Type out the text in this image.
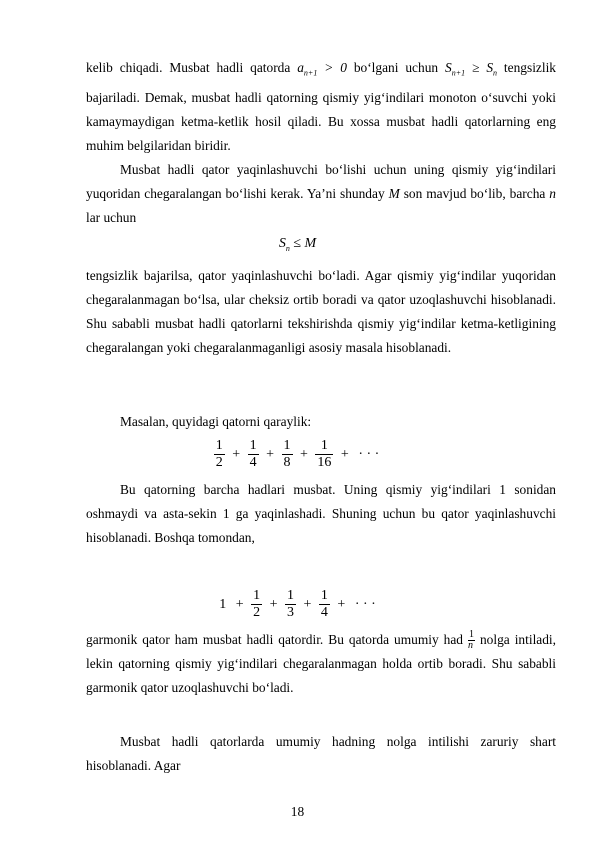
kelib chiqadi. Musbat hadli qatorda $a_{n+1} > 0$ bo‘lgani uchun $S_{n+1} \ge S_n$ tengsizlik bajariladi. Demak, musbat hadli qatorning qismiy yig‘indilari monoton o‘suvchi yoki kamaymaydigan ketma-ketlik hosil qiladi. Bu xossa musbat hadli qatorlarning eng muhim belgilaridan biridir.
Musbat hadli qator yaqinlashuvchi bo‘lishi uchun uning qismiy yig‘indilari yuqoridan chegaralangan bo‘lishi kerak. Ya’ni shunday M son mavjud bo‘lib, barcha n lar uchun
$S_n \le M$
tengsizlik bajarilsa, qator yaqinlashuvchi bo‘ladi. Agar qismiy yig‘indilar yuqoridan chegaralanmagan bo‘lsa, ular cheksiz ortib boradi va qator uzoqlashuvchi hisoblanadi. Shu sababli musbat hadli qatorlarni tekshirishda qismiy yig‘indilar ketma-ketligining chegaralangan yoki chegaralanmaganligi asosiy masala hisoblanadi.
Masalan, quyidagi qatorni qaraylik:
$\frac{1}{2} + \frac{1}{4} + \frac{1}{8} + \frac{1}{16}$ + · · ·
Bu qatorning barcha hadlari musbat. Uning qismiy yig‘indilari 1 sonidan oshmaydi va asta-sekin 1 ga yaqinlashadi. Shuning uchun bu qator yaqinlashuvchi hisoblanadi. Boshqa tomondan,
$1 + \frac{1}{2} + \frac{1}{3} + \frac{1}{4}$ + · · ·
garmonik qator ham musbat hadli qatordir. Bu qatorda umumiy had $\frac{1}{n}$ nolga intiladi, lekin qatorning qismiy yig‘indilari chegaralanmagan holda ortib boradi. Shu sababli garmonik qator uzoqlashuvchi bo‘ladi.
Musbat hadli qatorlarda umumiy hadning nolga intilishi zaruriy shart hisoblanadi. Agar
18
